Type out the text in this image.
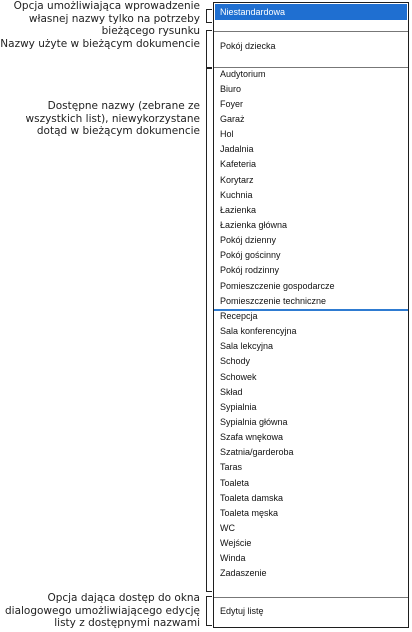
Opcja umożliwiająca wprowadzenie własnej nazwy tylko na potrzeby bieżącego rysunku
Nazwy użyte w bieżącym dokumencie
Dostępne nazwy (zebrane ze wszystkich list), niewykorzystane dotąd w bieżącym dokumencie
Opcja dająca dostęp do okna dialogowego umożliwiającego edycję listy z dostępnymi nazwami
Niestandardowa
Pokój dziecka
Audytorium
Biuro
Foyer
Garaż
Hol
Jadalnia
Kafeteria
Korytarz
Kuchnia
Łazienka
Łazienka główna
Pokój dzienny
Pokój gościnny
Pokój rodzinny
Pomieszczenie gospodarcze
Pomieszczenie techniczne
Recepcja
Sala konferencyjna
Sala lekcyjna
Schody
Schowek
Skład
Sypialnia
Sypialnia główna
Szafa wnękowa
Szatnia/garderoba
Taras
Toaleta
Toaleta damska
Toaleta męska
WC
Wejście
Winda
Zadaszenie
Edytuj listę
